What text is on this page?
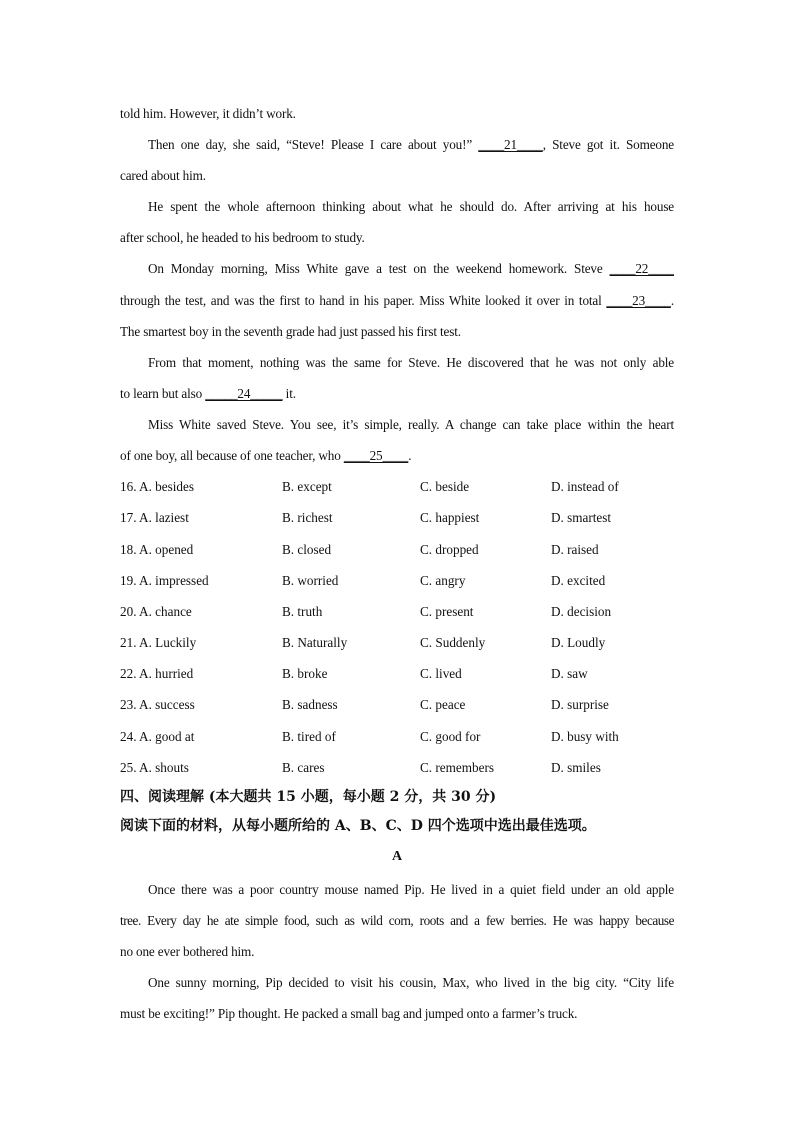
told him. However, it didn’t work.
Then one day, she said, “Steve! Please I care about you!” ____21____, Steve got it. Someone
cared about him.
He spent the whole afternoon thinking about what he should do. After arriving at his house
after school, he headed to his bedroom to study.
On Monday morning, Miss White gave a test on the weekend homework. Steve ____22____
through the test, and was the first to hand in his paper. Miss White looked it over in total ____23____.
The smartest boy in the seventh grade had just passed his first test.
From that moment, nothing was the same for Steve. He discovered that he was not only able
to learn but also _____24_____ it.
Miss White saved Steve. You see, it’s simple, really. A change can take place within the heart
of one boy, all because of one teacher, who ____25____.
16. A. besides	B. except	C. beside	D. instead of
17. A. laziest	B. richest	C. happiest	D. smartest
18. A. opened	B. closed	C. dropped	D. raised
19. A. impressed	B. worried	C. angry	D. excited
20. A. chance	B. truth	C. present	D. decision
21. A. Luckily	B. Naturally	C. Suddenly	D. Loudly
22. A. hurried	B. broke	C. lived	D. saw
23. A. success	B. sadness	C. peace	D. surprise
24. A. good at	B. tired of	C. good for	D. busy with
25. A. shouts	B. cares	C. remembers	D. smiles
四、阅读理解 (本大题共 15 小题，每小题 2 分，共 30 分)
阅读下面的材料，从每小题所给的 A、B、C、D 四个选项中选出最佳选项。
A
Once there was a poor country mouse named Pip. He lived in a quiet field under an old apple
tree. Every day he ate simple food, such as wild corn, roots and a few berries. He was happy because
no one ever bothered him.
One sunny morning, Pip decided to visit his cousin, Max, who lived in the big city. “City life
must be exciting!” Pip thought. He packed a small bag and jumped onto a farmer’s truck.
